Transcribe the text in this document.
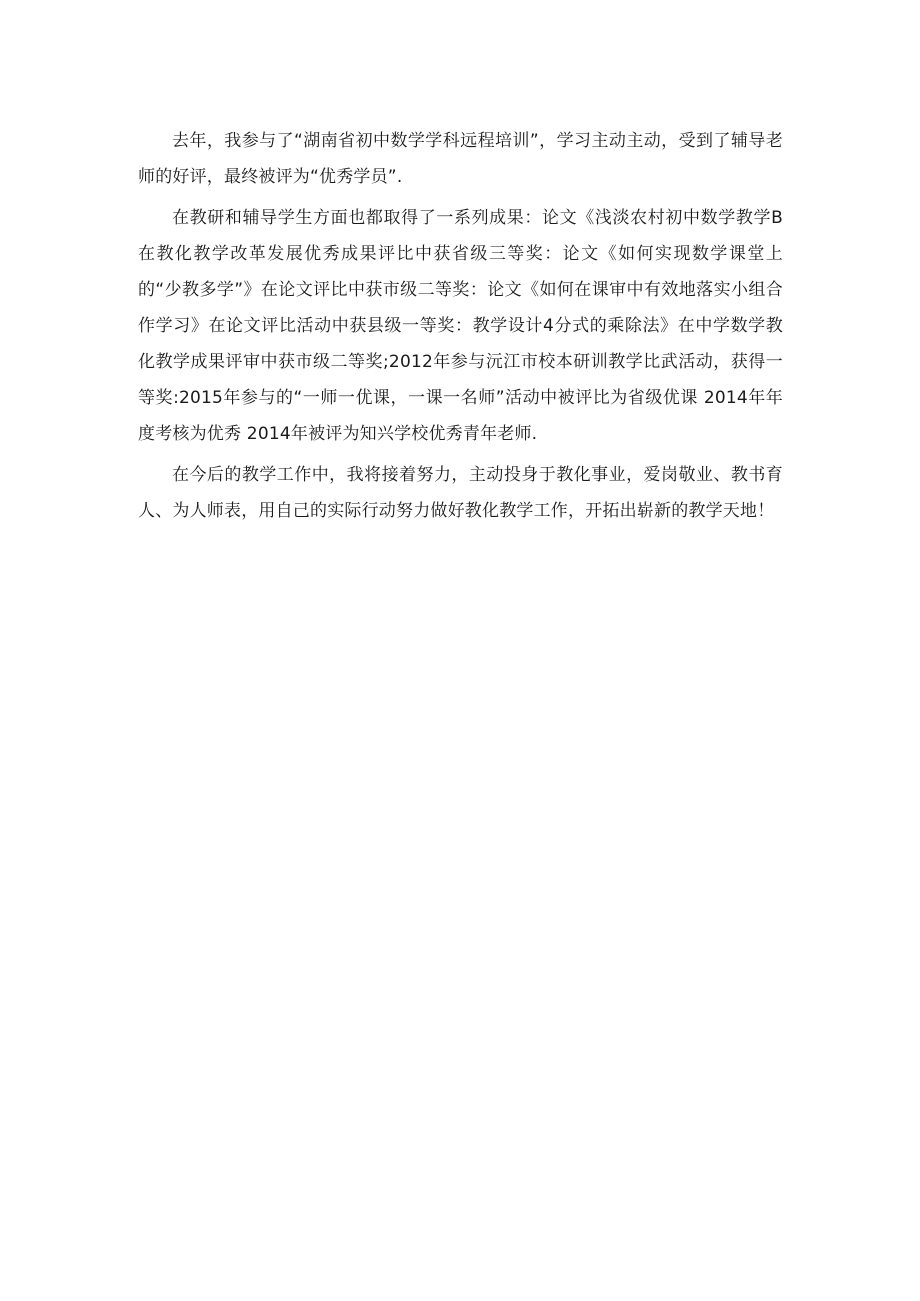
去年，我参与了“湖南省初中数学学科远程培训”，学习主动主动，受到了辅导老师的好评，最终被评为“优秀学员”.

在教研和辅导学生方面也都取得了一系列成果：论文《浅淡农村初中数学教学B在教化教学改革发展优秀成果评比中获省级三等奖：论文《如何实现数学课堂上的“少教多学”》在论文评比中获市级二等奖：论文《如何在课审中有效地落实小组合作学习》在论文评比活动中获县级一等奖：教学设计4分式的乘除法》在中学数学教化教学成果评审中获市级二等奖;2012年参与沅江市校本研训教学比武活动，获得一等奖:2015年参与的“一师一优课，一课一名师”活动中被评比为省级优课 2014年年度考核为优秀 2014年被评为知兴学校优秀青年老师.

在今后的教学工作中，我将接着努力，主动投身于教化事业，爱岗敬业、教书育人、为人师表，用自己的实际行动努力做好教化教学工作，开拓出崭新的教学天地！
